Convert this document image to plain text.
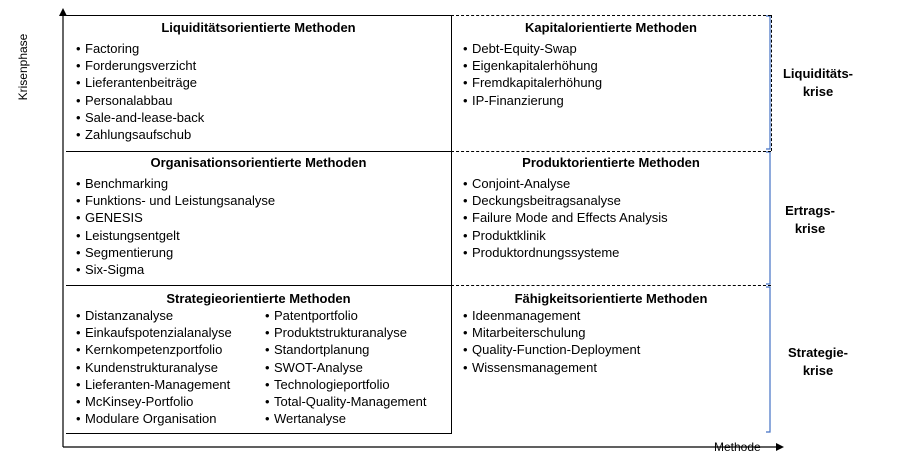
Krisenphase
Methode
Liquiditätsorientierte Methoden
• Factoring
• Forderungsverzicht
• Lieferantenbeiträge
• Personalabbau
• Sale-and-lease-back
• Zahlungsaufschub
Kapitalorientierte Methoden
• Debt-Equity-Swap
• Eigenkapitalerhöhung
• Fremdkapitalerhöhung
• IP-Finanzierung
Organisationsorientierte Methoden
• Benchmarking
• Funktions- und Leistungsanalyse
• GENESIS
• Leistungsentgelt
• Segmentierung
• Six-Sigma
Produktorientierte Methoden
• Conjoint-Analyse
• Deckungsbeitragsanalyse
• Failure Mode and Effects Analysis
• Produktklinik
• Produktordnungssysteme
Strategieorientierte Methoden
• Distanzanalyse
• Einkaufspotenzialanalyse
• Kernkompetenzportfolio
• Kundenstrukturanalyse
• Lieferanten-Management
• McKinsey-Portfolio
• Modulare Organisation
• Patentportfolio
• Produktstrukturanalyse
• Standortplanung
• SWOT-Analyse
• Technologieportfolio
• Total-Quality-Management
• Wertanalyse
Fähigkeitsorientierte Methoden
• Ideenmanagement
• Mitarbeiterschulung
• Quality-Function-Deployment
• Wissensmanagement
Liquiditäts-
krise
Ertrags-
krise
Strategie-
krise
